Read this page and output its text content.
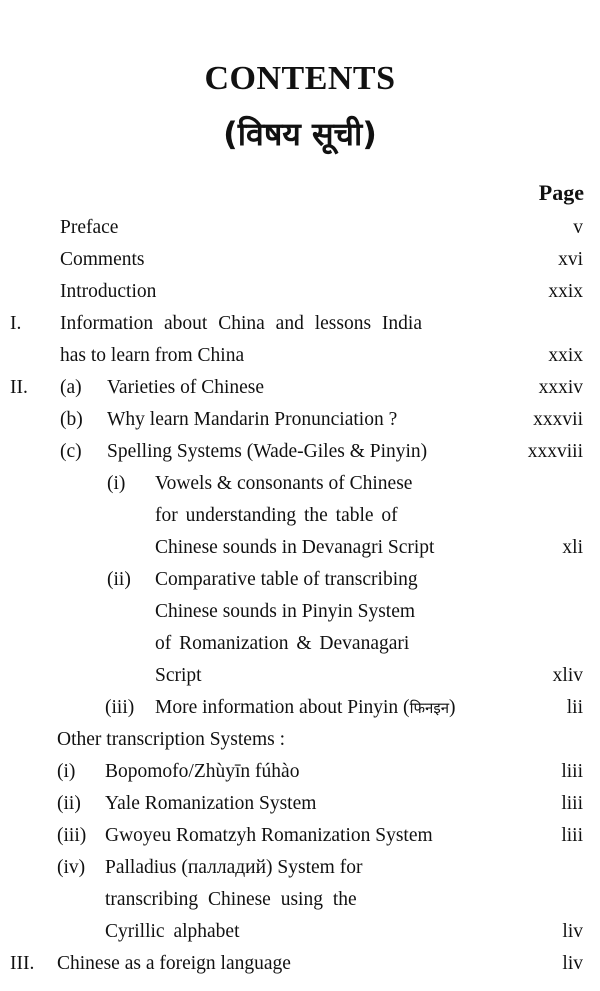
CONTENTS
(विषय सूची)
Page
Preface	v
Comments	xvi
Introduction	xxix
I. Information about China and lessons India
has to learn from China	xxix
II. (a) Varieties of Chinese	xxxiv
(b) Why learn Mandarin Pronunciation ?	xxxvii
(c) Spelling Systems (Wade-Giles & Pinyin)	xxxviii
(i) Vowels & consonants of Chinese
for understanding the table of
Chinese sounds in Devanagri Script	xli
(ii) Comparative table of transcribing
Chinese sounds in Pinyin System
of Romanization & Devanagari
Script	xliv
(iii) More information about Pinyin (फिनइन)	lii
Other transcription Systems :
(i) Bopomofo/Zhùyīn fúhào	liii
(ii) Yale Romanization System	liii
(iii) Gwoyeu Romatzyh Romanization System	liii
(iv) Palladius (палладий) System for
transcribing Chinese using the
Cyrillic alphabet	liv
III. Chinese as a foreign language	liv
